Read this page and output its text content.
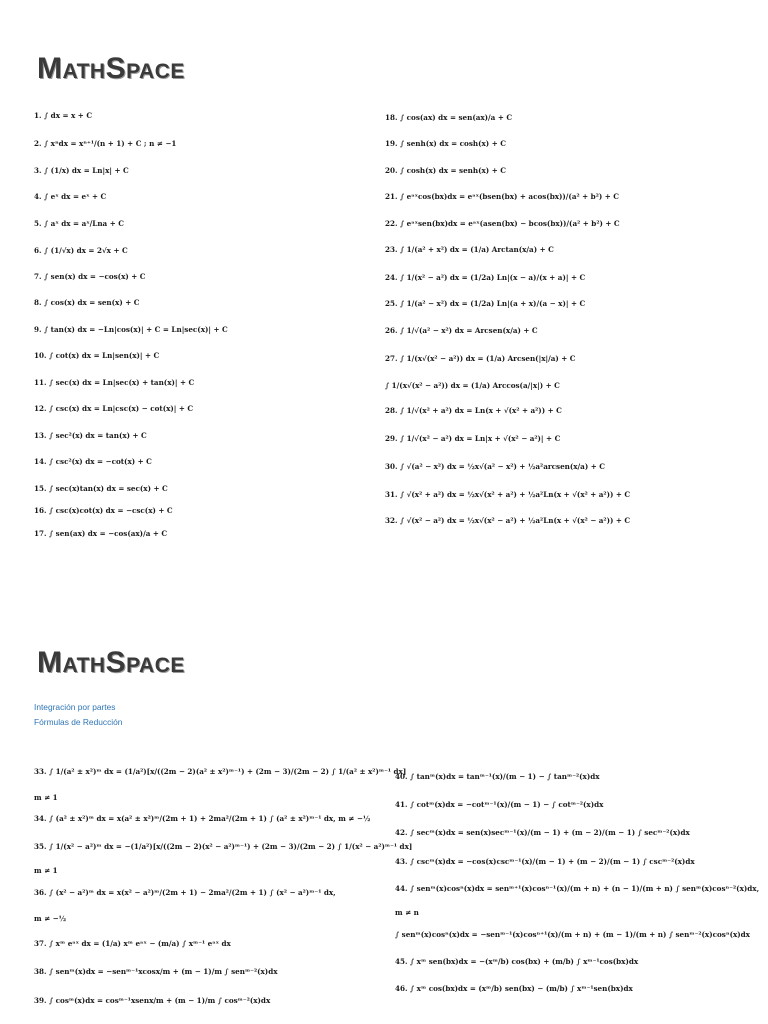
MathSpace
1. ∫ dx = x + C
2. ∫ xⁿdx = xⁿ⁺¹/(n + 1) + C ; n ≠ −1
3. ∫ (1/x) dx = Ln|x| + C
4. ∫ eˣ dx = eˣ + C
5. ∫ aˣ dx = aˣ/Lna + C
6. ∫ (1/√x) dx = 2√x + C
7. ∫ sen(x) dx = −cos(x) + C
8. ∫ cos(x) dx = sen(x) + C
9. ∫ tan(x) dx = −Ln|cos(x)| + C = Ln|sec(x)| + C
10. ∫ cot(x) dx = Ln|sen(x)| + C
11. ∫ sec(x) dx = Ln|sec(x) + tan(x)| + C
12. ∫ csc(x) dx = Ln|csc(x) − cot(x)| + C
13. ∫ sec²(x) dx = tan(x) + C
14. ∫ csc²(x) dx = −cot(x) + C
15. ∫ sec(x)tan(x) dx = sec(x) + C
16. ∫ csc(x)cot(x) dx = −csc(x) + C
17. ∫ sen(ax) dx = −cos(ax)/a + C
18. ∫ cos(ax) dx = sen(ax)/a + C
19. ∫ senh(x) dx = cosh(x) + C
20. ∫ cosh(x) dx = senh(x) + C
21. ∫ eᵃˣcos(bx)dx = eᵃˣ(bsen(bx) + acos(bx))/(a² + b²) + C
22. ∫ eᵃˣsen(bx)dx = eᵃˣ(asen(bx) − bcos(bx))/(a² + b²) + C
23. ∫ 1/(a² + x²) dx = (1/a) Arctan(x/a) + C
24. ∫ 1/(x² − a²) dx = (1/2a) Ln|(x − a)/(x + a)| + C
25. ∫ 1/(a² − x²) dx = (1/2a) Ln|(a + x)/(a − x)| + C
26. ∫ 1/√(a² − x²) dx = Arcsen(x/a) + C
27. ∫ 1/(x√(x² − a²)) dx = (1/a) Arcsen(|x|/a) + C
∫ 1/(x√(x² − a²)) dx = (1/a) Arccos(a/|x|) + C
28. ∫ 1/√(x² + a²) dx = Ln(x + √(x² + a²)) + C
29. ∫ 1/√(x² − a²) dx = Ln|x + √(x² − a²)| + C
30. ∫ √(a² − x²) dx = ½x√(a² − x²) + ½a²arcsen(x/a) + C
31. ∫ √(x² + a²) dx = ½x√(x² + a²) + ½a²Ln(x + √(x² + a²)) + C
32. ∫ √(x² − a²) dx = ½x√(x² − a²) + ½a²Ln(x + √(x² − a²)) + C
MathSpace
Integración por partes
Fórmulas de Reducción
33. ∫ 1/(a² ± x²)ᵐ dx = (1/a²)[x/((2m − 2)(a² ± x²)ᵐ⁻¹) + (2m − 3)/(2m − 2) ∫ 1/(a² ± x²)ᵐ⁻¹ dx]
m ≠ 1
34. ∫ (a² ± x²)ᵐ dx = x(a² ± x²)ᵐ/(2m + 1) + 2ma²/(2m + 1) ∫ (a² ± x²)ᵐ⁻¹ dx, m ≠ −½
35. ∫ 1/(x² − a²)ᵐ dx = −(1/a²)[x/((2m − 2)(x² − a²)ᵐ⁻¹) + (2m − 3)/(2m − 2) ∫ 1/(x² − a²)ᵐ⁻¹ dx]
m ≠ 1
36. ∫ (x² − a²)ᵐ dx = x(x² − a²)ᵐ/(2m + 1) − 2ma²/(2m + 1) ∫ (x² − a²)ᵐ⁻¹ dx,
m ≠ −½
37. ∫ xᵐ eᵃˣ dx = (1/a) xᵐ eᵃˣ − (m/a) ∫ xᵐ⁻¹ eᵃˣ dx
38. ∫ senᵐ(x)dx = −senᵐ⁻¹xcosx/m + (m − 1)/m ∫ senᵐ⁻²(x)dx
39. ∫ cosᵐ(x)dx = cosᵐ⁻¹xsenx/m + (m − 1)/m ∫ cosᵐ⁻²(x)dx
40. ∫ tanᵐ(x)dx = tanᵐ⁻¹(x)/(m − 1) − ∫ tanᵐ⁻²(x)dx
41. ∫ cotᵐ(x)dx = −cotᵐ⁻¹(x)/(m − 1) − ∫ cotᵐ⁻²(x)dx
42. ∫ secᵐ(x)dx = sen(x)secᵐ⁻¹(x)/(m − 1) + (m − 2)/(m − 1) ∫ secᵐ⁻²(x)dx
43. ∫ cscᵐ(x)dx = −cos(x)cscᵐ⁻¹(x)/(m − 1) + (m − 2)/(m − 1) ∫ cscᵐ⁻²(x)dx
44. ∫ senᵐ(x)cosⁿ(x)dx = senᵐ⁺¹(x)cosⁿ⁻¹(x)/(m + n) + (n − 1)/(m + n) ∫ senᵐ(x)cosⁿ⁻²(x)dx,
m ≠ n
∫ senᵐ(x)cosⁿ(x)dx = −senᵐ⁻¹(x)cosⁿ⁺¹(x)/(m + n) + (m − 1)/(m + n) ∫ senᵐ⁻²(x)cosⁿ(x)dx
45. ∫ xᵐ sen(bx)dx = −(xᵐ/b) cos(bx) + (m/b) ∫ xᵐ⁻¹cos(bx)dx
46. ∫ xᵐ cos(bx)dx = (xᵐ/b) sen(bx) − (m/b) ∫ xᵐ⁻¹sen(bx)dx
